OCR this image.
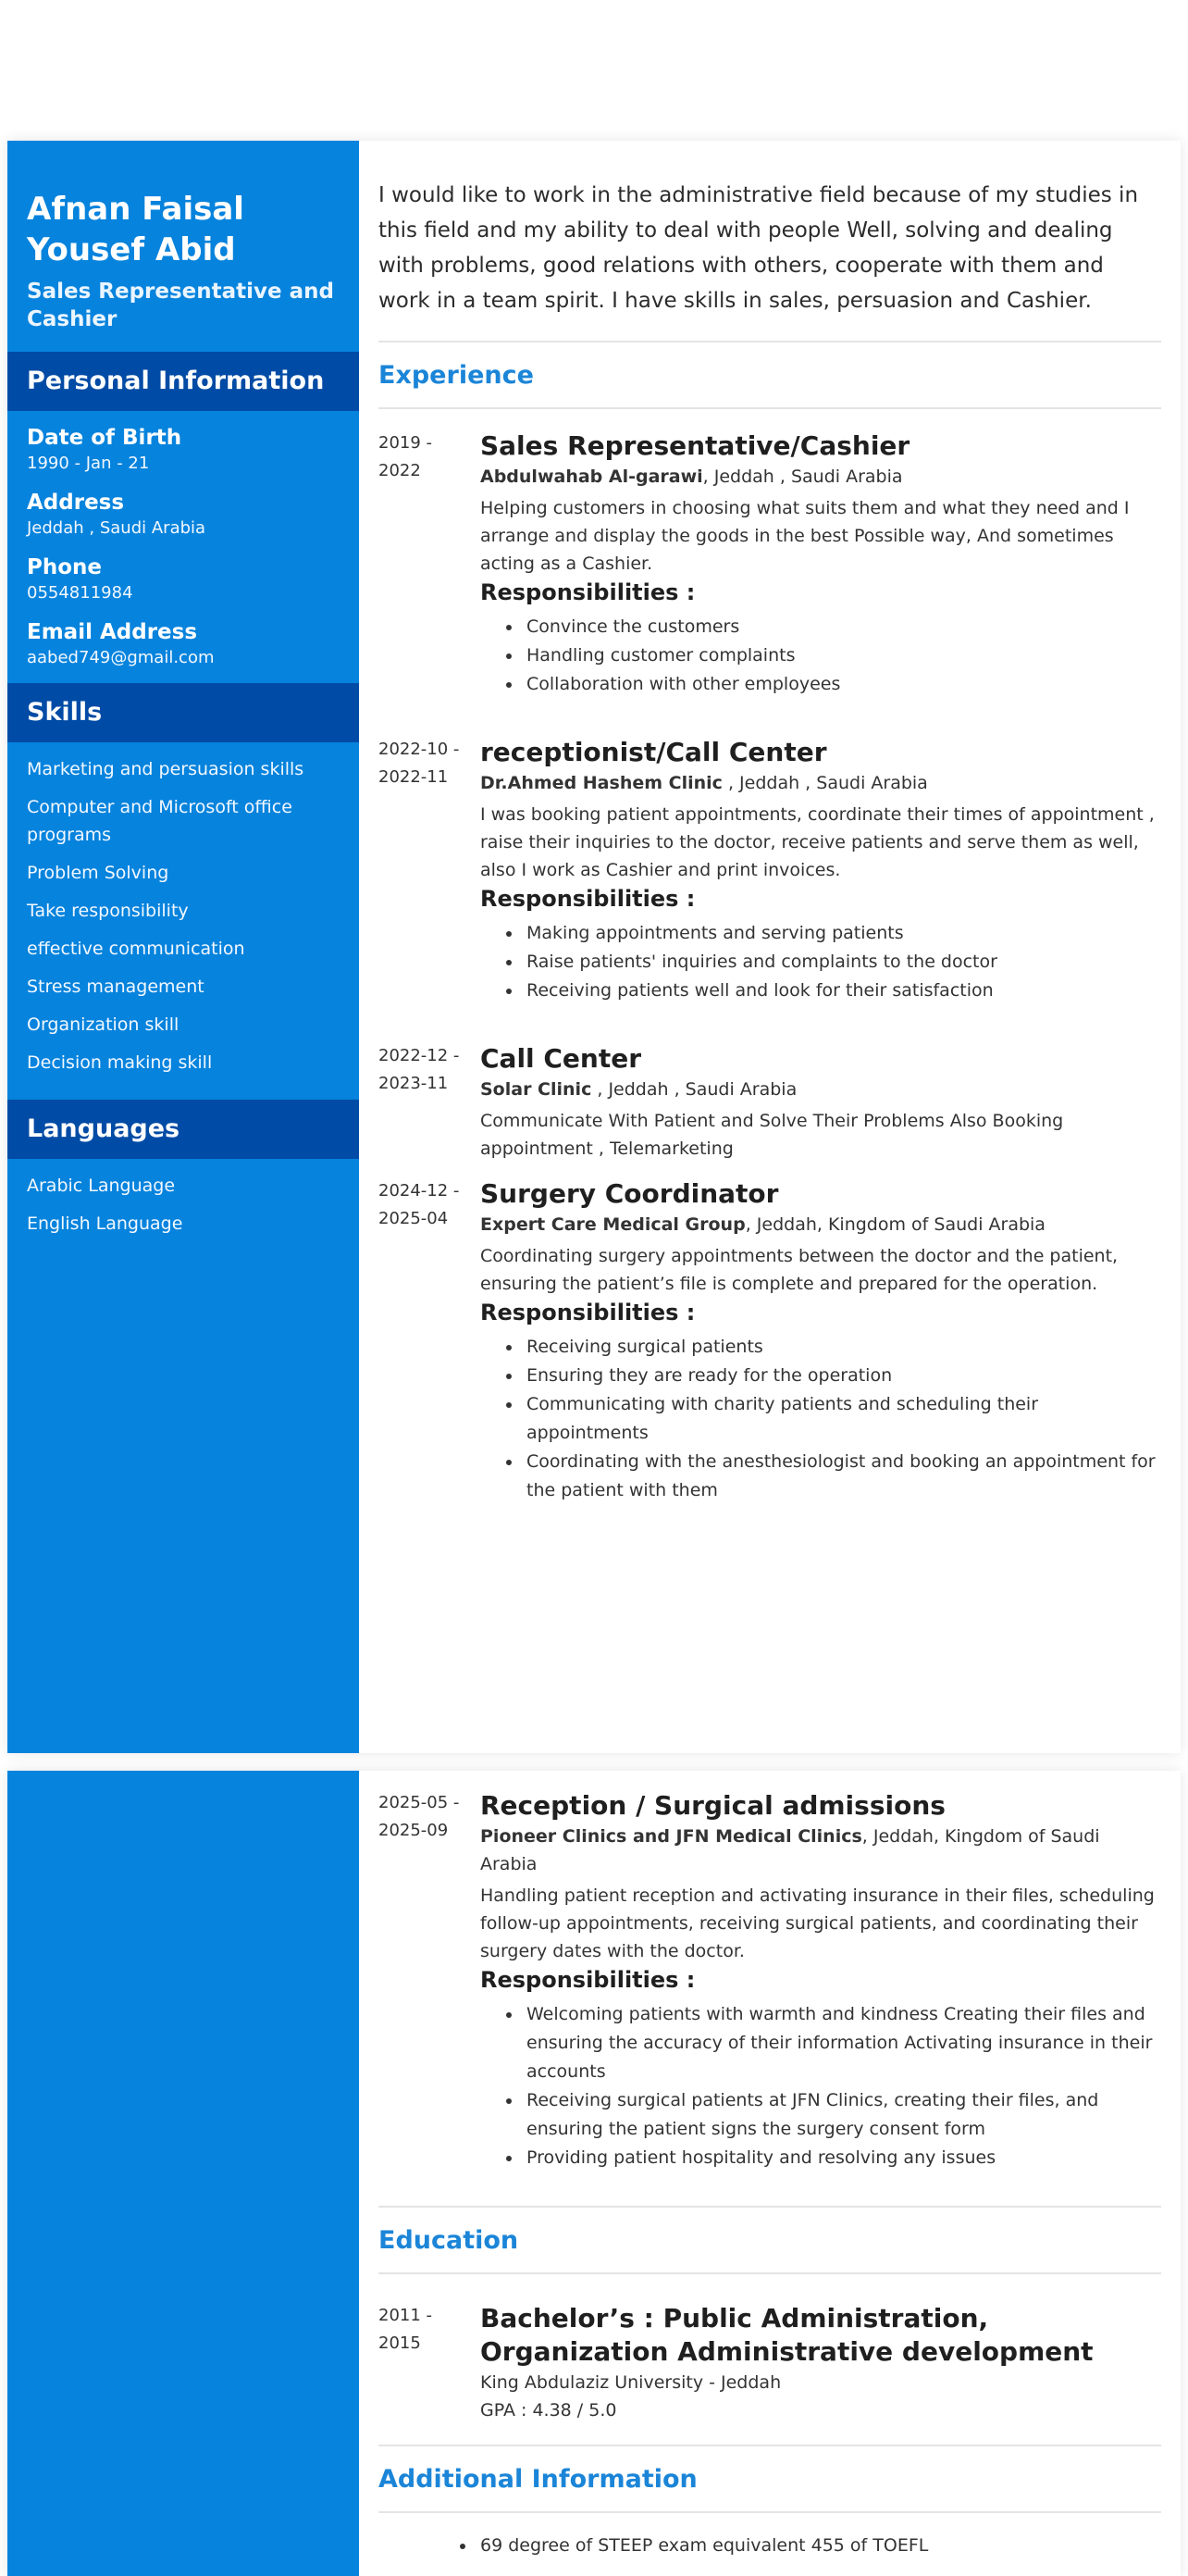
Afnan Faisal Yousef Abid
Sales Representative and Cashier
Personal Information
Date of Birth
1990 - Jan - 21
Address
Jeddah , Saudi Arabia
Phone
0554811984
Email Address
aabed749@gmail.com
Skills
Marketing and persuasion skills
Computer and Microsoft office programs
Problem Solving
Take responsibility
effective communication
Stress management
Organization skill
Decision making skill
Languages
Arabic Language
English Language

I would like to work in the administrative field because of my studies in this field and my ability to deal with people Well, solving and dealing with problems, good relations with others, cooperate with them and work in a team spirit. I have skills in sales, persuasion and Cashier.

Experience
2019 -
2022
Sales Representative/Cashier
Abdulwahab Al-garawi, Jeddah , Saudi Arabia
Helping customers in choosing what suits them and what they need and I arrange and display the goods in the best Possible way, And sometimes acting as a Cashier.
Responsibilities :
Convince the customers
Handling customer complaints
Collaboration with other employees
2022-10 -
2022-11
receptionist/Call Center
Dr.Ahmed Hashem Clinic , Jeddah , Saudi Arabia
I was booking patient appointments, coordinate their times of appointment , raise their inquiries to the doctor, receive patients and serve them as well, also I work as Cashier and print invoices.
Responsibilities :
Making appointments and serving patients
Raise patients' inquiries and complaints to the doctor
Receiving patients well and look for their satisfaction
2022-12 -
2023-11
Call Center
Solar Clinic , Jeddah , Saudi Arabia
Communicate With Patient and Solve Their Problems Also Booking appointment , Telemarketing
2024-12 -
2025-04
Surgery Coordinator
Expert Care Medical Group, Jeddah, Kingdom of Saudi Arabia
Coordinating surgery appointments between the doctor and the patient, ensuring the patient’s file is complete and prepared for the operation.
Responsibilities :
Receiving surgical patients
Ensuring they are ready for the operation
Communicating with charity patients and scheduling their appointments
Coordinating with the anesthesiologist and booking an appointment for the patient with them
2025-05 -
2025-09
Reception / Surgical admissions
Pioneer Clinics and JFN Medical Clinics, Jeddah, Kingdom of Saudi Arabia
Handling patient reception and activating insurance in their files, scheduling follow-up appointments, receiving surgical patients, and coordinating their surgery dates with the doctor.
Responsibilities :
Welcoming patients with warmth and kindness Creating their files and ensuring the accuracy of their information Activating insurance in their accounts
Receiving surgical patients at JFN Clinics, creating their files, and ensuring the patient signs the surgery consent form
Providing patient hospitality and resolving any issues
Education
2011 -
2015
Bachelor’s : Public Administration, Organization Administrative development
King Abdulaziz University - Jeddah
GPA : 4.38 / 5.0
Additional Information
69 degree of STEEP exam equivalent 455 of TOEFL
